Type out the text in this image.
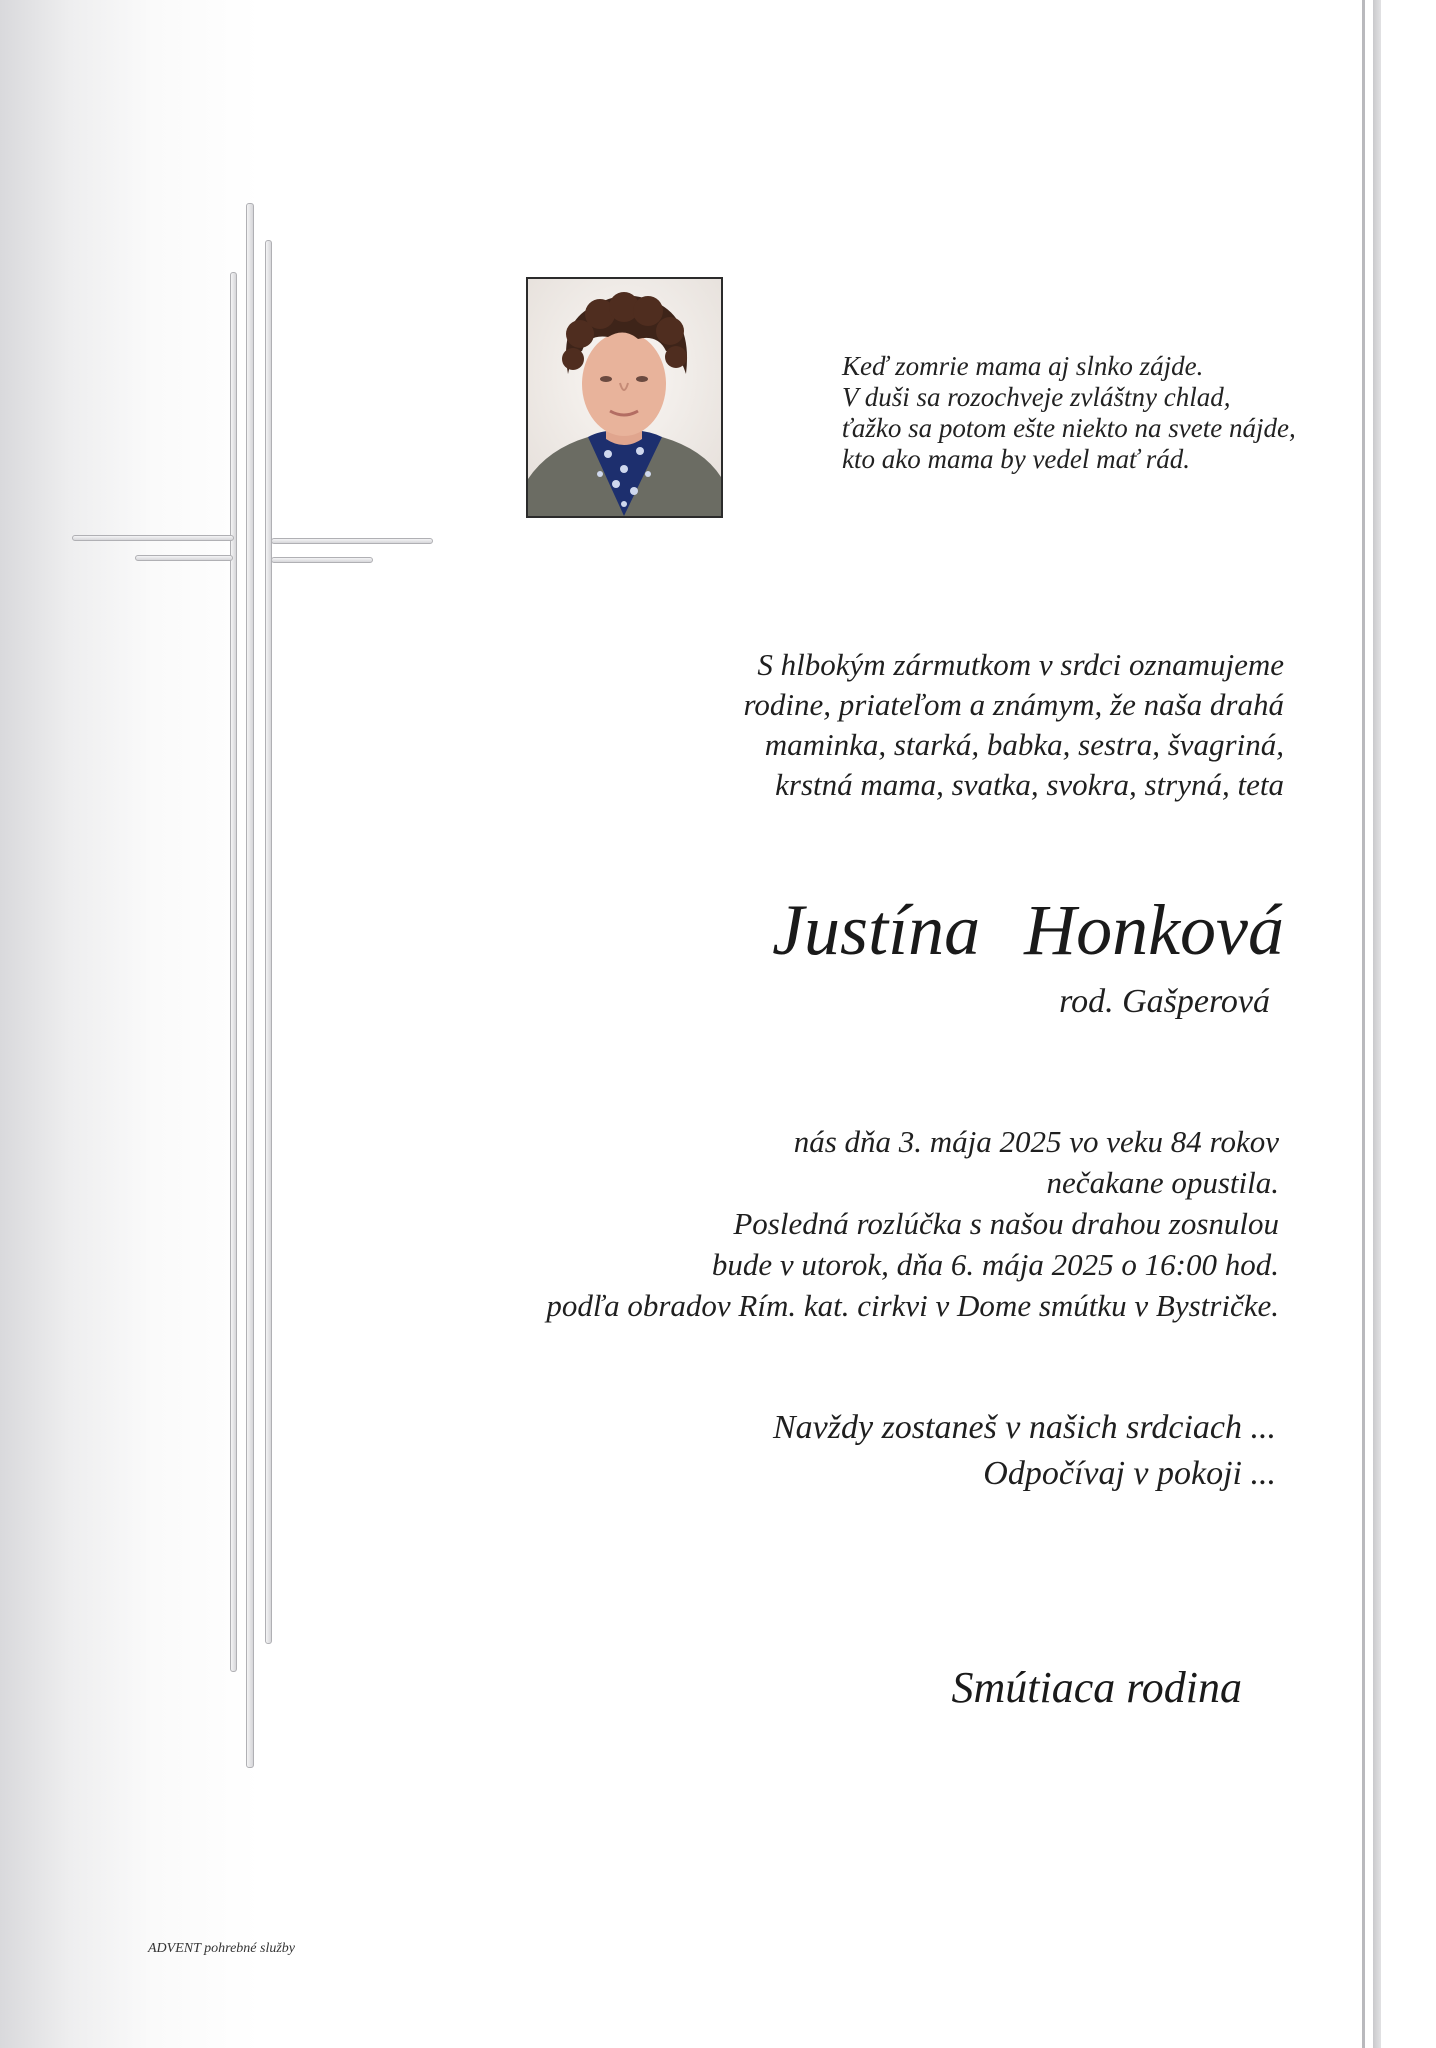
Keď zomrie mama aj slnko zájde.
V duši sa rozochveje zvláštny chlad,
ťažko sa potom ešte niekto na svete nájde,
kto ako mama by vedel mať rád.
S hlbokým zármutkom v srdci oznamujeme
rodine, priateľom a známym, že naša drahá
maminka, starká, babka, sestra, švagriná,
krstná mama, svatka, svokra, stryná, teta
Justína Honková
rod. Gašperová
nás dňa 3. mája 2025 vo veku 84 rokov
nečakane opustila.
Posledná rozlúčka s našou drahou zosnulou
bude v utorok, dňa 6. mája 2025 o 16:00 hod.
podľa obradov Rím. kat. cirkvi v Dome smútku v Bystričke.
Navždy zostaneš v našich srdciach ...
Odpočívaj v pokoji ...
Smútiaca rodina
ADVENT pohrebné služby
